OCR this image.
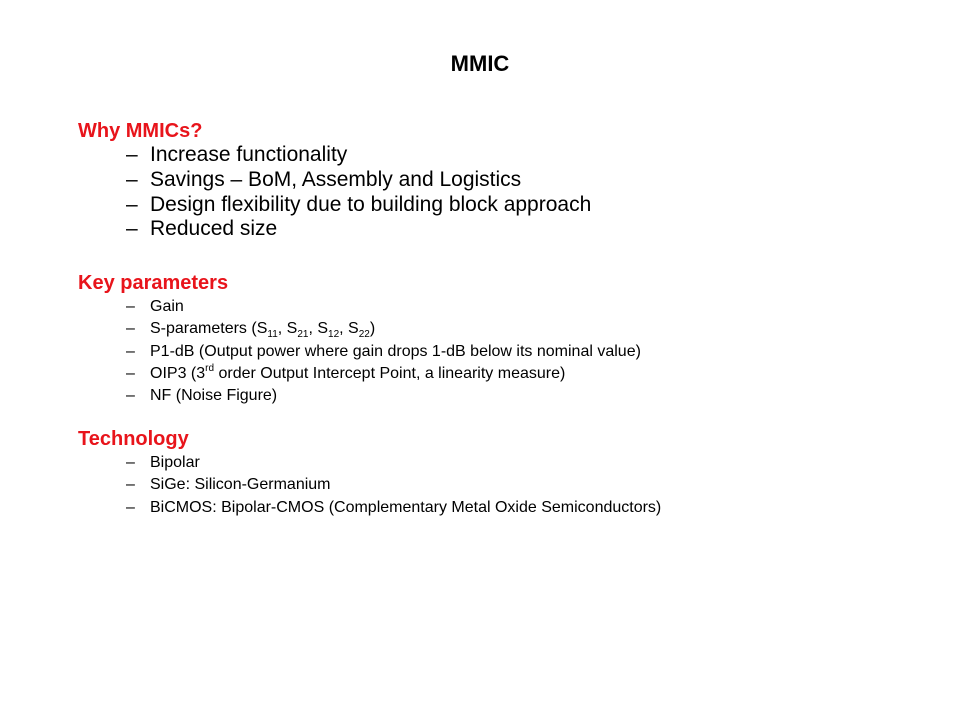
MMIC

Why MMICs?

– Increase functionality
– Savings – BoM, Assembly and Logistics
– Design flexibility due to building block approach
– Reduced size

Key parameters

– Gain
– S-parameters ($S_{11}$, $S_{21}$, $S_{12}$, $S_{22}$)
– P1-dB (Output power where gain drops 1-dB below its nominal value)
– OIP3 (3rd order Output Intercept Point, a linearity measure)
– NF (Noise Figure)

Technology

– Bipolar
– SiGe: Silicon-Germanium
– BiCMOS: Bipolar-CMOS (Complementary Metal Oxide Semiconductors)
